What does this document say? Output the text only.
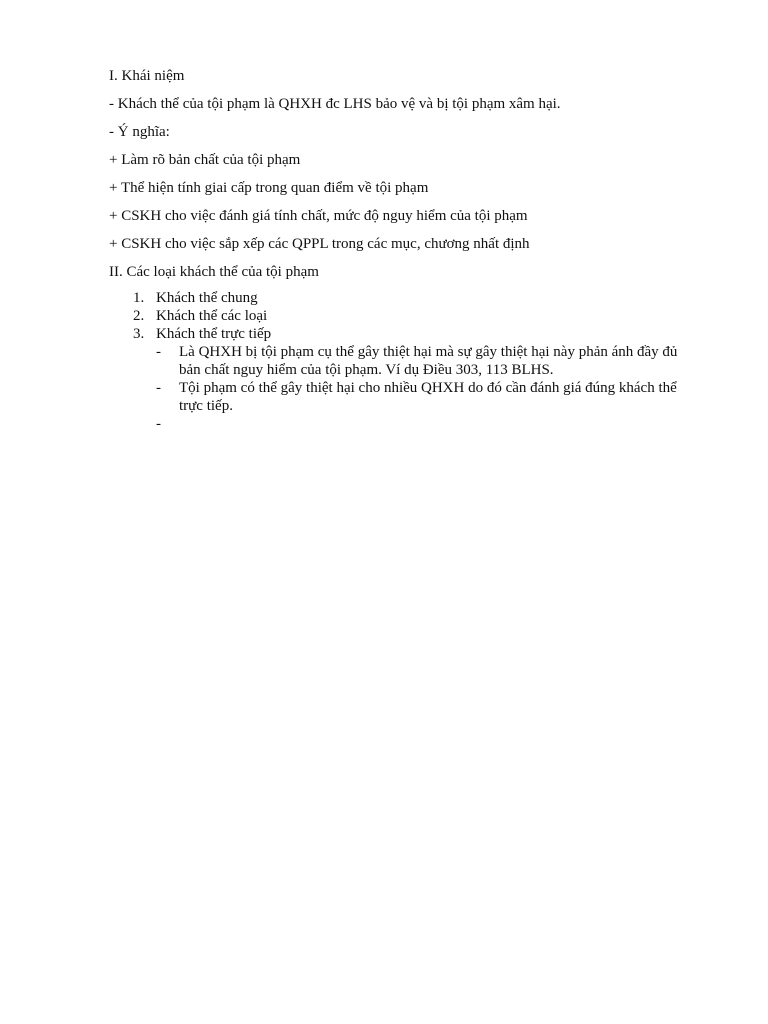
I. Khái niệm

- Khách thể của tội phạm là QHXH đc LHS bảo vệ và bị tội phạm xâm hại.

- Ý nghĩa:

+ Làm rõ bản chất của tội phạm

+ Thể hiện tính giai cấp trong quan điểm về tội phạm

+ CSKH cho việc đánh giá tính chất, mức độ nguy hiểm của tội phạm

+ CSKH cho việc sắp xếp các QPPL trong các mục, chương nhất định

II. Các loại khách thể của tội phạm

1. Khách thể chung
2. Khách thể các loại
3. Khách thể trực tiếp
- Là QHXH bị tội phạm cụ thể gây thiệt hại mà sự gây thiệt hại này phản ánh đầy đủ bản chất nguy hiểm của tội phạm. Ví dụ Điều 303, 113 BLHS.
- Tội phạm có thể gây thiệt hại cho nhiều QHXH do đó cần đánh giá đúng khách thể trực tiếp.
-
